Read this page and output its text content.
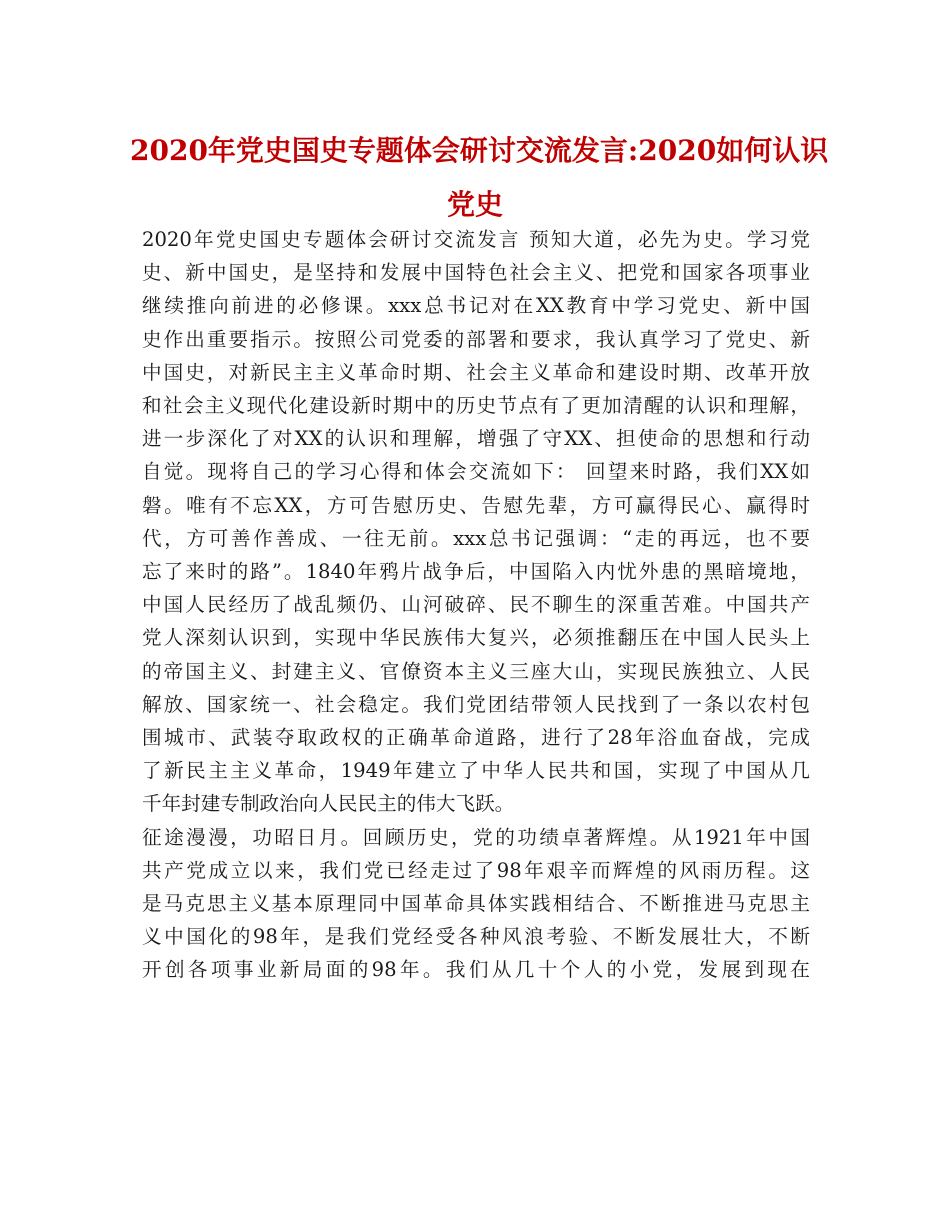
2020年党史国史专题体会研讨交流发言:2020如何认识
党史

2020年党史国史专题体会研讨交流发言 预知大道，必先为史。学习党
史、新中国史，是坚持和发展中国特色社会主义、把党和国家各项事业
继续推向前进的必修课。xxx总书记对在XX教育中学习党史、新中国
史作出重要指示。按照公司党委的部署和要求，我认真学习了党史、新
中国史，对新民主主义革命时期、社会主义革命和建设时期、改革开放
和社会主义现代化建设新时期中的历史节点有了更加清醒的认识和理解，
进一步深化了对XX的认识和理解，增强了守XX、担使命的思想和行动
自觉。现将自己的学习心得和体会交流如下： 回望来时路，我们XX如
磐。唯有不忘XX，方可告慰历史、告慰先辈，方可赢得民心、赢得时
代，方可善作善成、一往无前。xxx总书记强调：“走的再远，也不要
忘了来时的路”。1840年鸦片战争后，中国陷入内忧外患的黑暗境地，
中国人民经历了战乱频仍、山河破碎、民不聊生的深重苦难。中国共产
党人深刻认识到，实现中华民族伟大复兴，必须推翻压在中国人民头上
的帝国主义、封建主义、官僚资本主义三座大山，实现民族独立、人民
解放、国家统一、社会稳定。我们党团结带领人民找到了一条以农村包
围城市、武装夺取政权的正确革命道路，进行了28年浴血奋战，完成
了新民主主义革命，1949年建立了中华人民共和国，实现了中国从几
千年封建专制政治向人民民主的伟大飞跃。

征途漫漫，功昭日月。回顾历史，党的功绩卓著辉煌。从1921年中国
共产党成立以来，我们党已经走过了98年艰辛而辉煌的风雨历程。这
是马克思主义基本原理同中国革命具体实践相结合、不断推进马克思主
义中国化的98年，是我们党经受各种风浪考验、不断发展壮大，不断
开创各项事业新局面的98年。我们从几十个人的小党，发展到现在
